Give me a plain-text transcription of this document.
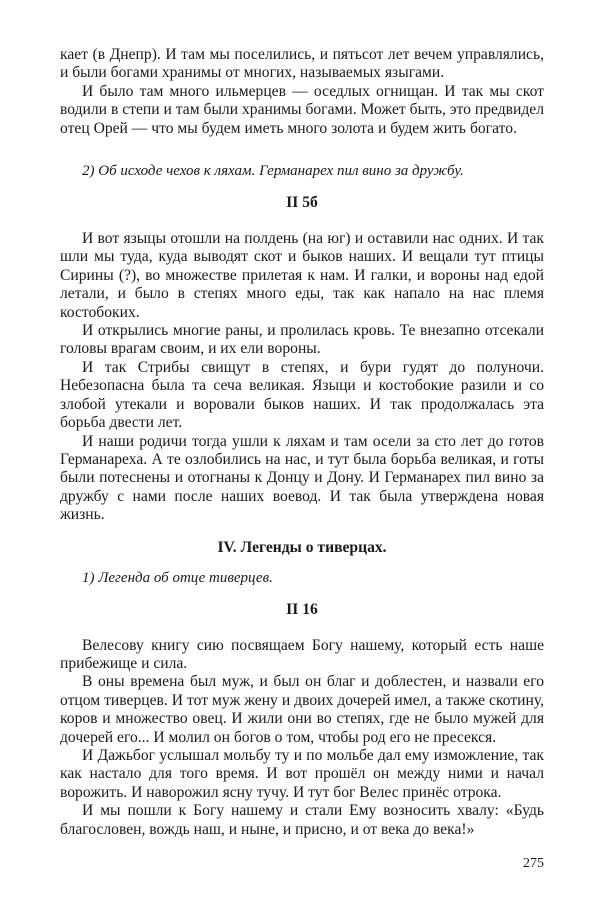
кает (в Днепр). И там мы поселились, и пятьсот лет вечем управлялись, и были богами хранимы от многих, называемых языгами.

И было там много ильмерцев — оседлых огнищан. И так мы скот водили в степи и там были хранимы богами. Может быть, это предвидел отец Орей — что мы будем иметь много золота и будем жить богато.

2) Об исходе чехов к ляхам. Германарех пил вино за дружбу.

II 5б

И вот языцы отошли на полдень (на юг) и оставили нас одних. И так шли мы туда, куда выводят скот и быков наших. И вещали тут птицы Сирины (?), во множестве прилетая к нам. И галки, и вороны над едой летали, и было в степях много еды, так как напало на нас племя костобоких.

И открылись многие раны, и пролилась кровь. Те внезапно отсекали головы врагам своим, и их ели вороны.

И так Стрибы свищут в степях, и бури гудят до полуночи. Небезопасна была та сеча великая. Языци и костобокие разили и со злобой утекали и воровали быков наших. И так продолжалась эта борьба двести лет.

И наши родичи тогда ушли к ляхам и там осели за сто лет до готов Германареха. А те озлобились на нас, и тут была борьба великая, и готы были потеснены и отогнаны к Донцу и Дону. И Германарех пил вино за дружбу с нами после наших воевод. И так была утверждена новая жизнь.

IV. Легенды о тиверцах.

1) Легенда об отце тиверцев.

II 16

Велесову книгу сию посвящаем Богу нашему, который есть наше прибежище и сила.

В оны времена был муж, и был он благ и доблестен, и назвали его отцом тиверцев. И тот муж жену и двоих дочерей имел, а также скотину, коров и множество овец. И жили они во степях, где не было мужей для дочерей его... И молил он богов о том, чтобы род его не пресекся.

И Дажьбог услышал мольбу ту и по мольбе дал ему изможление, так как настало для того время. И вот прошёл он между ними и начал ворожить. И наворожил ясну тучу. И тут бог Велес принёс отрока.

И мы пошли к Богу нашему и стали Ему возносить хвалу: «Будь благословен, вождь наш, и ныне, и присно, и от века до века!»

275
